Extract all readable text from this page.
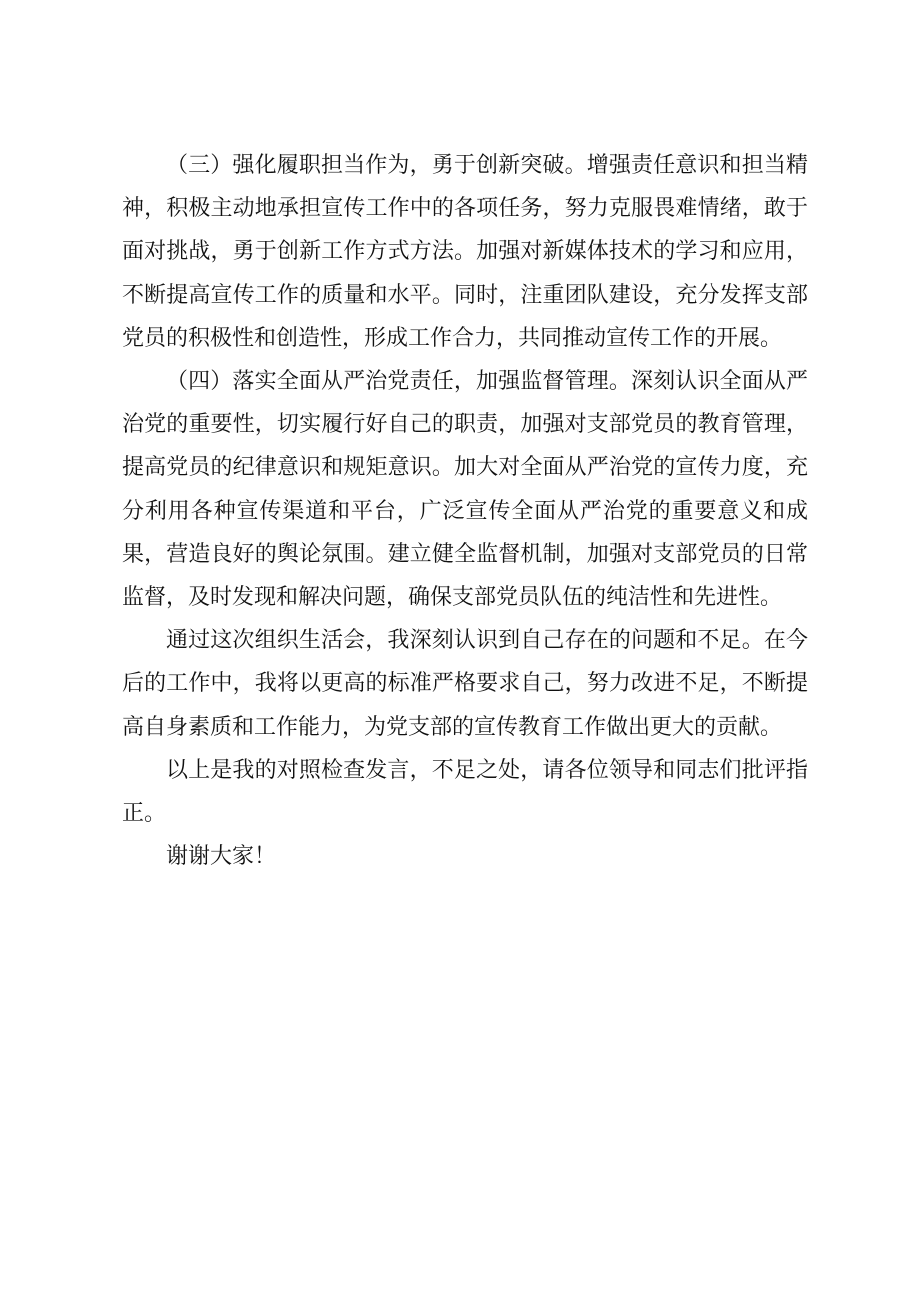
（三）强化履职担当作为，勇于创新突破。增强责任意识和担当精神，积极主动地承担宣传工作中的各项任务，努力克服畏难情绪，敢于面对挑战，勇于创新工作方式方法。加强对新媒体技术的学习和应用，不断提高宣传工作的质量和水平。同时，注重团队建设，充分发挥支部党员的积极性和创造性，形成工作合力，共同推动宣传工作的开展。

（四）落实全面从严治党责任，加强监督管理。深刻认识全面从严治党的重要性，切实履行好自己的职责，加强对支部党员的教育管理，提高党员的纪律意识和规矩意识。加大对全面从严治党的宣传力度，充分利用各种宣传渠道和平台，广泛宣传全面从严治党的重要意义和成果，营造良好的舆论氛围。建立健全监督机制，加强对支部党员的日常监督，及时发现和解决问题，确保支部党员队伍的纯洁性和先进性。

通过这次组织生活会，我深刻认识到自己存在的问题和不足。在今后的工作中，我将以更高的标准严格要求自己，努力改进不足，不断提高自身素质和工作能力，为党支部的宣传教育工作做出更大的贡献。

以上是我的对照检查发言，不足之处，请各位领导和同志们批评指正。

谢谢大家！
